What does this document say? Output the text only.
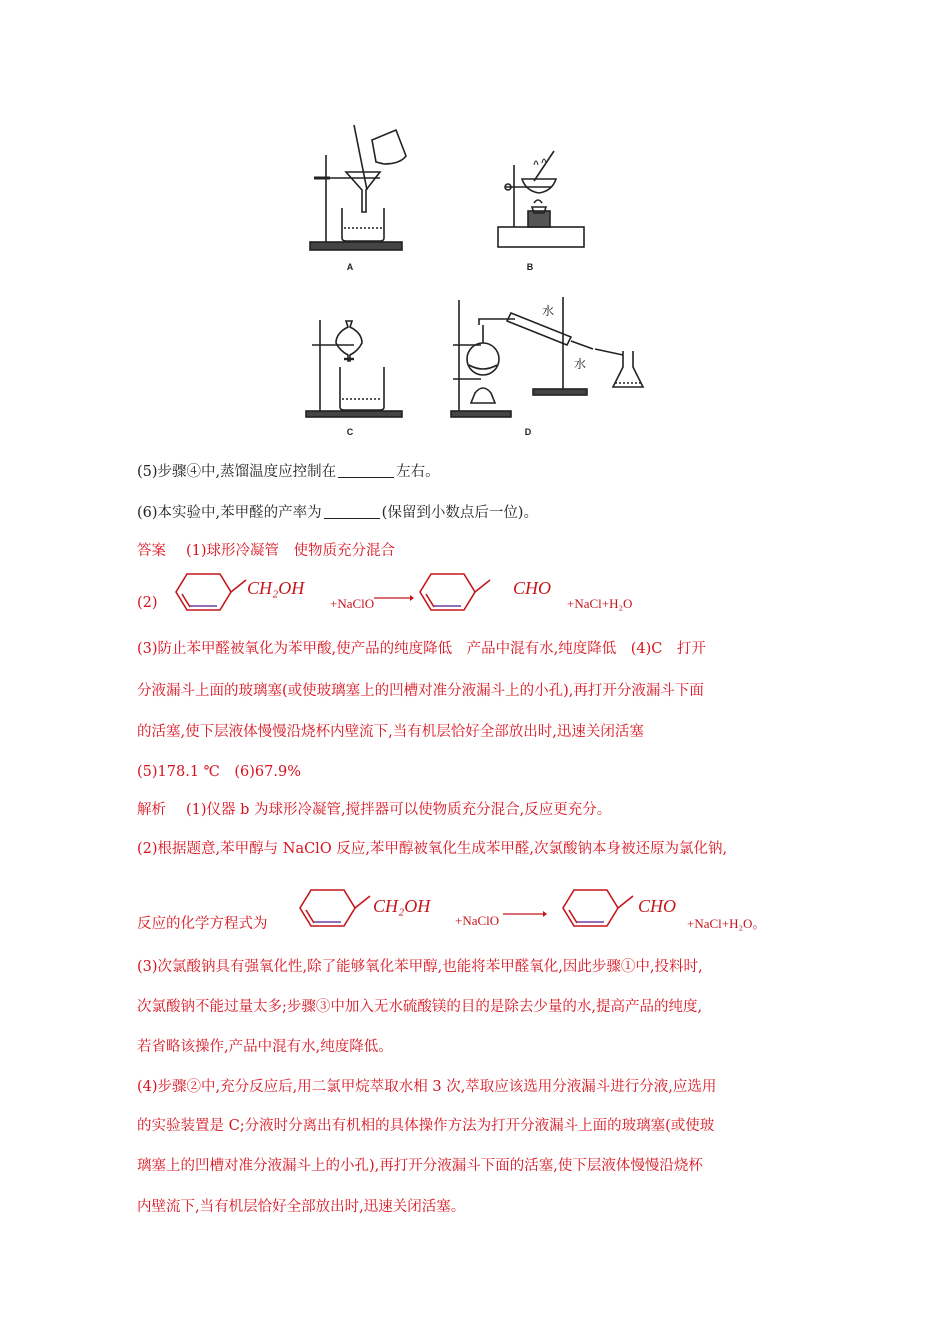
A	B
C
水
水
D
(5)步骤④中,蒸馏温度应控制在	左右。
(6)本实验中,苯甲醛的产率为	(保留到小数点后一位)。
答案 (1)球形冷凝管　使物质充分混合
(2)
CH₂OH
+NaClO →	CHO
+NaCl+H₂O
(3)防止苯甲醛被氧化为苯甲酸,使产品的纯度降低　产品中混有水,纯度降低　(4)C　打开
分液漏斗上面的玻璃塞(或使玻璃塞上的凹槽对准分液漏斗上的小孔),再打开分液漏斗下面
的活塞,使下层液体慢慢沿烧杯内壁流下,当有机层恰好全部放出时,迅速关闭活塞
(5)178.1 ℃　(6)67.9%
解析 (1)仪器 b 为球形冷凝管,搅拌器可以使物质充分混合,反应更充分。
(2)根据题意,苯甲醇与 NaClO 反应,苯甲醇被氧化生成苯甲醛,次氯酸钠本身被还原为氯化钠,
反应的化学方程式为
CH₂OH
+NaClO →	CHO
+NaCl+H₂O。
(3)次氯酸钠具有强氧化性,除了能够氧化苯甲醇,也能将苯甲醛氧化,因此步骤①中,投料时,
次氯酸钠不能过量太多;步骤③中加入无水硫酸镁的目的是除去少量的水,提高产品的纯度,
若省略该操作,产品中混有水,纯度降低。
(4)步骤②中,充分反应后,用二氯甲烷萃取水相 3 次,萃取应该选用分液漏斗进行分液,应选用
的实验装置是 C;分液时分离出有机相的具体操作方法为打开分液漏斗上面的玻璃塞(或使玻
璃塞上的凹槽对准分液漏斗上的小孔),再打开分液漏斗下面的活塞,使下层液体慢慢沿烧杯
内壁流下,当有机层恰好全部放出时,迅速关闭活塞。
